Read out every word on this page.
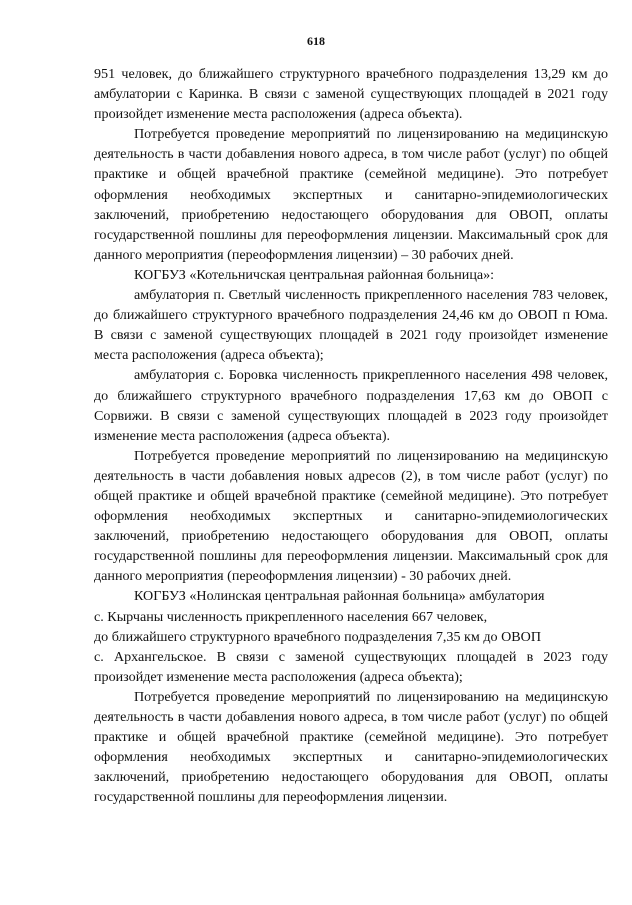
618

951 человек, до ближайшего структурного врачебного подразделения 13,29 км до амбулатории с Каринка. В связи с заменой существующих площадей в 2021 году произойдет изменение места расположения (адреса объекта).

Потребуется проведение мероприятий по лицензированию на медицинскую деятельность в части добавления нового адреса, в том числе работ (услуг) по общей практике и общей врачебной практике (семейной медицине). Это потребует оформления необходимых экспертных и санитарно-эпидемиологических заключений, приобретению недостающего оборудования для ОВОП, оплаты государственной пошлины для переоформления лицензии. Максимальный срок для данного мероприятия (переоформления лицензии) – 30 рабочих дней.

КОГБУЗ «Котельничская центральная районная больница»:

амбулатория п. Светлый численность прикрепленного населения 783 человек, до ближайшего структурного врачебного подразделения 24,46 км до ОВОП п Юма. В связи с заменой существующих площадей в 2021 году произойдет изменение места расположения (адреса объекта);

амбулатория с. Боровка численность прикрепленного населения 498 человек, до ближайшего структурного врачебного подразделения 17,63 км до ОВОП с Сорвижи. В связи с заменой существующих площадей в 2023 году произойдет изменение места расположения (адреса объекта).

Потребуется проведение мероприятий по лицензированию на медицинскую деятельность в части добавления новых адресов (2), в том числе работ (услуг) по общей практике и общей врачебной практике (семейной медицине). Это потребует оформления необходимых экспертных и санитарно-эпидемиологических заключений, приобретению недостающего оборудования для ОВОП, оплаты государственной пошлины для переоформления лицензии. Максимальный срок для данного мероприятия (переоформления лицензии) - 30 рабочих дней.

КОГБУЗ «Нолинская центральная районная больница» амбулатория

с. Кырчаны численность прикрепленного населения 667 человек,

до ближайшего структурного врачебного подразделения 7,35 км до ОВОП

с. Архангельское. В связи с заменой существующих площадей в 2023 году произойдет изменение места расположения (адреса объекта);

Потребуется проведение мероприятий по лицензированию на медицинскую деятельность в части добавления нового адреса, в том числе работ (услуг) по общей практике и общей врачебной практике (семейной медицине). Это потребует оформления необходимых экспертных и санитарно-эпидемиологических заключений, приобретению недостающего оборудования для ОВОП, оплаты государственной пошлины для переоформления лицензии.
